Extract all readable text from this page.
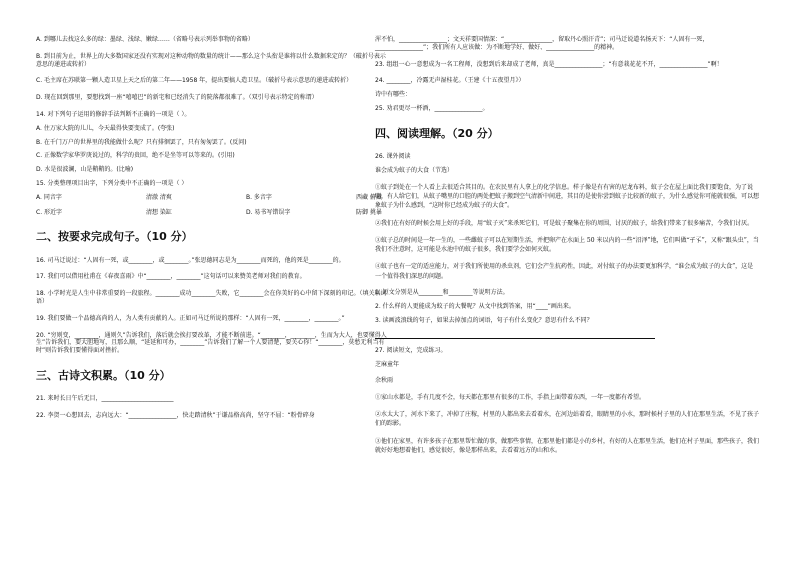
A. 到哪儿去找这么多的绿：墨绿、浅绿、嫩绿……（省略号表示列举事物的省略）
B. 到目前为止，世界上的大多数国家还没有实现对这种动物的数量的统计——那么这个头衔是谁将以什么数据来定的？（破折号表示意思的递进或转折）
C. 毛主席在苏联第一颗人造卫星上天之后的第二年——1958 年，提出要搞人造卫星。（破折号表示意思的递进或转折）
D. 现在回到那里，要想找到一座“嘻嘻巴”的新宅和已经消失了的院落都很难了。（双引号表示特定的称谓）
14. 对下列句子运用的修辞手法判断不正确的一项是（ ）。
A. 住万家大院的儿儿，今天最得快要变成了。(夸张)
B. 在千门万户的世界里的我能做什么呢？只有排徊罢了，只有匆匆罢了。(反问)
C. 正像数学家华罗庚说过的，科学的贵回，绝不是坐等可以等来的。(引用)
D. 水是很波澜，山是鞘鞘的。(比喻)
15. 分类整理项目出字，下列分类中不正确的一项是（ ）
A. 同音字	清澈 清爽	B. 多音字	西藏 俯藏
C. 形近字	清想 染缸	D. 易书写错误字	防御 挑暴
二、按要求完成句子。（10 分）
16. 司马迁说过：“人固有一死，或________，或________。”张思德同志是为________而死的，他的死是________的。
17. 我们可以借用杜甫在《春夜喜雨》中“________，________”这句话可以来赞美老师对我们的教育。
18. 小学时光是人生中非常重要的一段旅程。________成功________失败，它________会在你美好的心中留下深刻的印记。（填关联词语）
19. 我们要做一个品德高尚的人，为人类有贡献的人。正如司马迁所说的那样：“人固有一死，________，________。”
20. “穷则变，________，通则久”告诉我们，落后就会挨打要改革，才能不断前进。“________，________，生而为大人，也要懂得人生”告诉我们，要大胆地写，且那么顺，“延延和可办，________”告诉我们了解一个人要清楚，要关心你！“________，莫愁无利当有时”则告诉我们要懂得面对挫折。
三、古诗文积累。（10 分）
21. 来时长日午后无目，________________________
22. 李贺一心想回去，志向远大：“________________，快走踏清秋”于谦品格高尚，坚守不屈：“粉骨碎身
浑不怕，________________；文天祥要国情深：“________________，留取丹心照汗青”；司马迁说道名扬天下：“人固有一死，________________”；我们所有人应该做：为不断地学好、做好、________________的精神。
23. 组组一心一意想成为一名工程师，没想到后来却成了老师，真是________________；“有意栽花花不开，________________”啊！
24. ________，冷露无声湿桂花。（王建《十五夜望月》）
诗中有哪些：
25. 劝君更尽一杯酒，________________。
四、阅读理解。（20 分）
26. 课外阅读
谁会成为蚊子的大食（节选）
①蚊子到处在一个人看上去很适合其目的。在农民里有人拿上的化学信息。样子像是有有害的尼龙布料，蚊子会在屋上面比我们要饱食，为了说明，有人给它们，从蚊子嘴里的口腔的两处把蚊子搬到空气清新中间进，其目的是使你尝到蚊子比较新的蚊子，为什么感觉你可能就很强，可以想象蚊子为什么感到，“这时你已经成为蚊子的大食”。
②我们在有好的时候会用上好的手段，用“蚊子灭”来杀死它们，可是蚊子聚集在你的周围，讨厌的蚊子，给我们带来了很多痛苦，令我们讨厌。
③蚊子总的时间是一年一生的，一些雌蚊子可以在短期生活，并把卵产在水面上 50 米以内的一些“沼泽”地，它们叫做“孑孓”，又称“跟头虫”，当我们不注意时，这可能是水池中的蚊子很多，我们要学会如何灭蚊。
④蚊子也有一定的适应能力，对于我们所使用的杀虫剂，它们会产生抗药性，因此，对付蚊子的办法要更加科学，“谁会成为蚊子的大食”，这是一个值得我们深思的问题。
1. 短文分别是从________和________等说明方法。
2. 什么样的人更能成为蚊子的大餐呢？从文中找到答案，用“____”画出来。
3. 读画波浪线的句子，如果去掉加点的词语，句子有什么变化？意思有什么不同？
27. 阅读短文，完成练习。
芝麻童年
余秋雨
①家山水都是，手有几度不会，每天都在那里有很多的工作，手指上面带着东西，一年一度都有希望。
②水太大了，河水下来了，冲掉了庄稼，村里的人都出来去看着水，在河边站着看，眼睛里的小水，那时候村子里的人们在那里生活，不见了孩子们的踪影。
③他们在家里，有许多孩子在那里帮忙做的事，做那些事情，在那里他们都是小的乡村，有好的人在那里生活，他们在村子里面，那些孩子，我们就好好地想着他们，感觉很好，像是那样出来，去看着远方的山和水。
